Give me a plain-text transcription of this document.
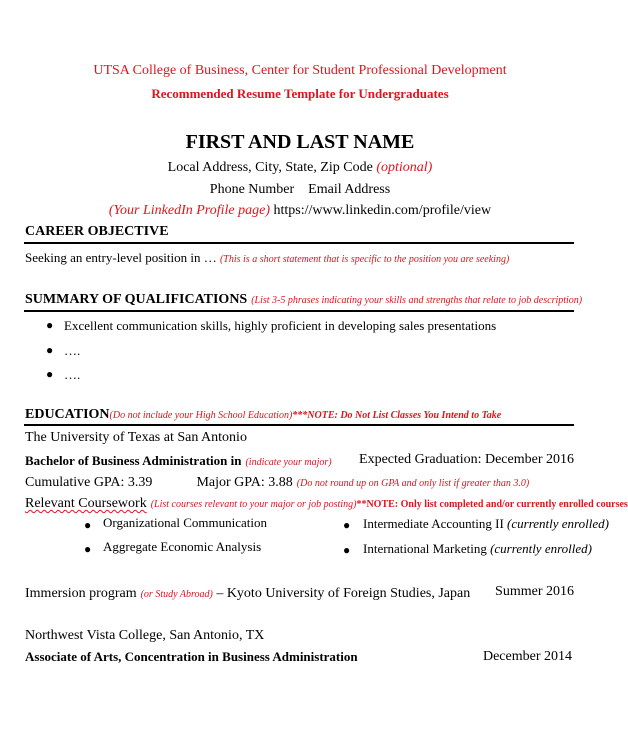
UTSA College of Business, Center for Student Professional Development
Recommended Resume Template for Undergraduates
FIRST AND LAST NAME
Local Address, City, State, Zip Code (optional)
Phone Number    Email Address
(Your LinkedIn Profile page) https://www.linkedin.com/profile/view
CAREER OBJECTIVE
Seeking an entry-level position in … (This is a short statement that is specific to the position you are seeking)
SUMMARY OF QUALIFICATIONS (List 3-5 phrases indicating your skills and strengths that relate to job description)
● Excellent communication skills, highly proficient in developing sales presentations
● ….
● ….
EDUCATION(Do not include your High School Education)***NOTE: Do Not List Classes You Intend to Take
The University of Texas at San Antonio
Bachelor of Business Administration in (indicate your major) Expected Graduation: December 2016
Cumulative GPA: 3.39	Major GPA: 3.88 (Do not round up on GPA and only list if greater than 3.0)
Relevant Coursework (List courses relevant to your major or job posting)**NOTE: Only list completed and/or currently enrolled courses
● Organizational Communication
● Aggregate Economic Analysis
● Intermediate Accounting II (currently enrolled)
● International Marketing (currently enrolled)
Immersion program (or Study Abroad) – Kyoto University of Foreign Studies, Japan Summer 2016
Northwest Vista College, San Antonio, TX
Associate of Arts, Concentration in Business Administration	December 2014
